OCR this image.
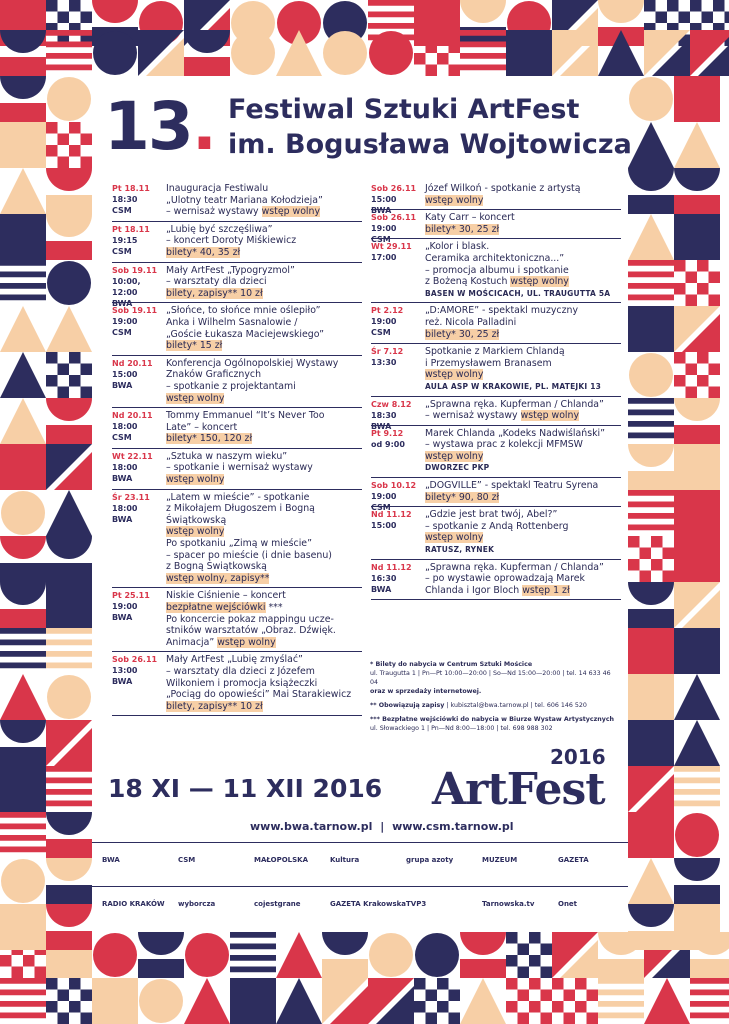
13. Festiwal Sztuki ArtFest
im. Bogusława Wojtowicza
Pt 18.11
18:30
CSM
Inauguracja Festiwalu
„Ulotny teatr Mariana Kołodzieja”
– wernisaż wystawy wstęp wolny
Pt 18.11
19:15
CSM
„Lubię być szczęśliwa”
– koncert Doroty Miśkiewicz
bilety* 40, 35 zł
Sob 19.11
10:00, 12:00
BWA
Mały ArtFest „Typogryzmol”
– warsztaty dla dzieci
bilety, zapisy** 10 zł
Sob 19.11
19:00
CSM
„Słońce, to słońce mnie oślepiło”
Anka i Wilhelm Sasnalowie /
„Goście Łukasza Maciejewskiego”
bilety* 15 zł
Nd 20.11
15:00
BWA
Konferencja Ogólnopolskiej Wystawy
Znaków Graficznych
– spotkanie z projektantami
wstęp wolny
Nd 20.11
18:00
CSM
Tommy Emmanuel “It’s Never Too
Late” – koncert
bilety* 150, 120 zł
Wt 22.11
18:00
BWA
„Sztuka w naszym wieku”
– spotkanie i wernisaż wystawy
wstęp wolny
Śr 23.11
18:00
BWA
„Latem w mieście” - spotkanie
z Mikołajem Długoszem i Bogną
Świątkowską
wstęp wolny
Po spotkaniu „Zimą w mieście”
– spacer po mieście (i dnie basenu)
z Bogną Świątkowską
wstęp wolny, zapisy**
Pt 25.11
19:00
BWA
Niskie Ciśnienie – koncert
bezpłatne wejściówki ***
Po koncercie pokaz mappingu ucze-
stników warsztatów „Obraz. Dźwięk.
Animacja” wstęp wolny
Sob 26.11
13:00
BWA
Mały ArtFest „Lubię zmyślać”
– warsztaty dla dzieci z Józefem
Wilkoniem i promocja książeczki
„Pociąg do opowieści” Mai Starakiewicz
bilety, zapisy** 10 zł
Sob 26.11
15:00
BWA
Józef Wilkoń - spotkanie z artystą
wstęp wolny
Sob 26.11
19:00
CSM
Katy Carr – koncert
bilety* 30, 25 zł
Wt 29.11
17:00
„Kolor i blask.
Ceramika architektoniczna...”
– promocja albumu i spotkanie
z Bożeną Kostuch wstęp wolny
BASEN W MOŚCICACH, UL. TRAUGUTTA 5A
Pt 2.12
19:00
CSM
„D:AMORE” - spektakl muzyczny
reż. Nicola Palladini
bilety* 30, 25 zł
Śr 7.12
13:30
Spotkanie z Markiem Chlandą
i Przemysławem Branasem
wstęp wolny
AULA ASP W KRAKOWIE, PL. MATEJKI 13
Czw 8.12
18:30
BWA
„Sprawna ręka. Kupferman / Chlanda”
– wernisaż wystawy wstęp wolny
Pt 9.12
od 9:00
Marek Chlanda „Kodeks Nadwiślański”
– wystawa prac z kolekcji MFMSW
wstęp wolny
DWORZEC PKP
Sob 10.12
19:00
CSM
„DOGVILLE” - spektakl Teatru Syrena
bilety* 90, 80 zł
Nd 11.12
15:00
„Gdzie jest brat twój, Abel?”
– spotkanie z Andą Rottenberg
wstęp wolny
RATUSZ, RYNEK
Nd 11.12
16:30
BWA
„Sprawna ręka. Kupferman / Chlanda”
– po wystawie oprowadzają Marek
Chlanda i Igor Bloch wstęp 1 zł
* Bilety do nabycia w Centrum Sztuki Mościce
ul. Traugutta 1 | Pn—Pt 10:00—20:00 | So—Nd 15:00—20:00 | tel. 14 633 46 04
oraz w sprzedaży internetowej.
** Obowiązują zapisy | kubisztal@bwa.tarnow.pl | tel. 606 146 520
*** Bezpłatne wejściówki do nabycia w Biurze Wystaw Artystycznych
ul. Słowackiego 1 | Pn—Nd 8:00—18:00 | tel. 698 988 302
18 XI — 11 XII 2016
2016
ArtFest
www.bwa.tarnow.pl | www.csm.tarnow.pl
BWA	CSM	MAŁOPOLSKA	Kultura	grupa azoty	MUZEUM	GAZETA
RADIO KRAKÓW wyborcza	cojestgrane	GAZETA Krakowska TVP3	Tarnowska.tv	Onet
